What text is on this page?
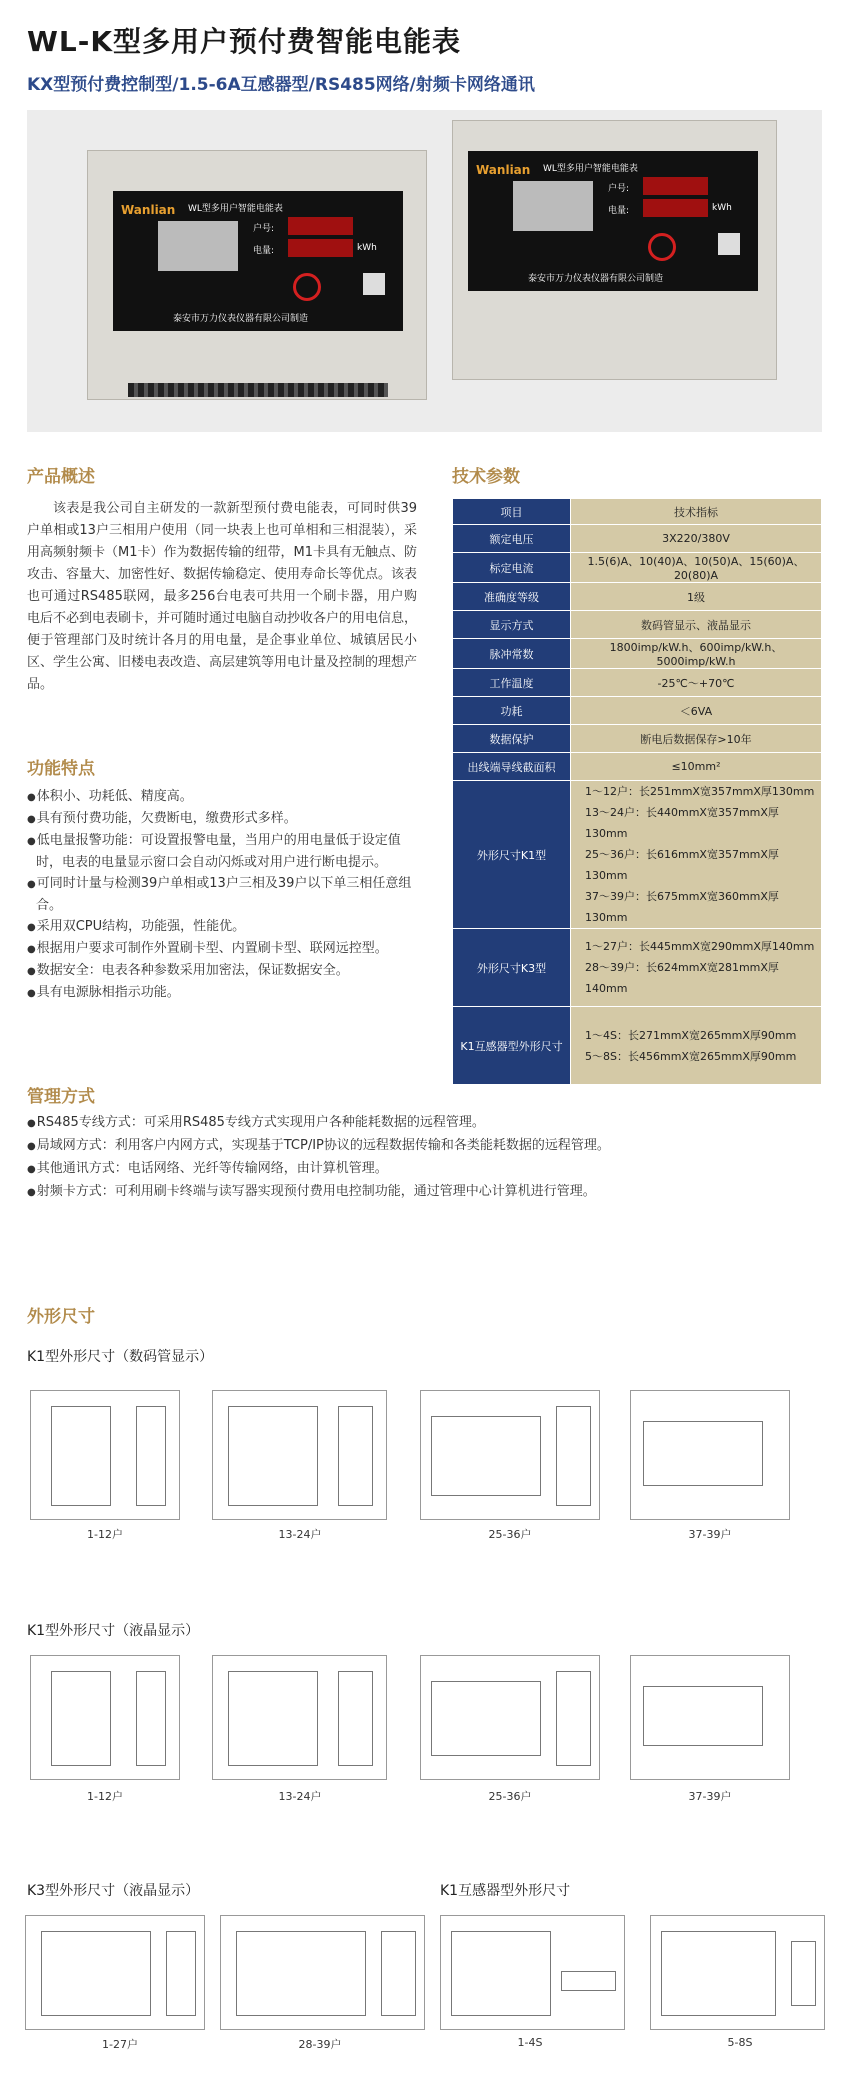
WL-K型多用户预付费智能电能表
KX型预付费控制型/1.5-6A互感器型/RS485网络/射频卡网络通讯
Wanlian WL型多用户智能电能表
户号:
电量:	kWh
泰安市万力仪表仪器有限公司制造
Wanlian WL型多用户智能电能表
户号:
电量:	kWh
泰安市万力仪表仪器有限公司制造
产品概述
该表是我公司自主研发的一款新型预付费电能表，可同时供39户单相或13户三相用户使用（同一块表上也可单相和三相混装），采用高频射频卡（M1卡）作为数据传输的纽带，M1卡具有无触点、防攻击、容量大、加密性好、数据传输稳定、使用寿命长等优点。该表也可通过RS485联网，最多256台电表可共用一个刷卡器，用户购电后不必到电表刷卡，并可随时通过电脑自动抄收各户的用电信息，便于管理部门及时统计各月的用电量，是企事业单位、城镇居民小区、学生公寓、旧楼电表改造、高层建筑等用电计量及控制的理想产品。
技术参数
项目	技术指标
额定电压	3X220/380V
标定电流	1.5(6)A、10(40)A、10(50)A、15(60)A、20(80)A
准确度等级	1级
显示方式	数码管显示、液晶显示
脉冲常数	1800imp/kW.h、600imp/kW.h、5000imp/kW.h
工作温度	-25℃～+70℃
功耗	＜6VA
数据保护	断电后数据保存>10年
出线端导线截面积	≤10mm²
外形尺寸K1型	1～12户：长251mmX宽357mmX厚130mm
13～24户：长440mmX宽357mmX厚130mm
25～36户：长616mmX宽357mmX厚130mm
37～39户：长675mmX宽360mmX厚130mm

外形尺寸K3型	1～27户：长445mmX宽290mmX厚140mm
28～39户：长624mmX宽281mmX厚140mm

K1互感器型外形尺寸	1～4S：长271mmX宽265mmX厚90mm
5～8S：长456mmX宽265mmX厚90mm
功能特点
● 体积小、功耗低、精度高。
● 具有预付费功能，欠费断电，缴费形式多样。
● 低电量报警功能：可设置报警电量，当用户的用电量低于设定值时，电表的电量显示窗口会自动闪烁或对用户进行断电提示。
● 可同时计量与检测39户单相或13户三相及39户以下单三相任意组合。
● 采用双CPU结构，功能强，性能优。
● 根据用户要求可制作外置刷卡型、内置刷卡型、联网远控型。
● 数据安全：电表各种参数采用加密法，保证数据安全。
● 具有电源脉相指示功能。
管理方式
● RS485专线方式：可采用RS485专线方式实现用户各种能耗数据的远程管理。
● 局域网方式：利用客户内网方式，实现基于TCP/IP协议的远程数据传输和各类能耗数据的远程管理。
● 其他通讯方式：电话网络、光纤等传输网络，由计算机管理。
● 射频卡方式：可利用刷卡终端与读写器实现预付费用电控制功能，通过管理中心计算机进行管理。
外形尺寸
K1型外形尺寸（数码管显示）
1-12户	13-24户	25-36户	37-39户
K1型外形尺寸（液晶显示）
1-12户	13-24户	25-36户	37-39户
K3型外形尺寸（液晶显示）	K1互感器型外形尺寸
1-27户	28-39户	1-4S	5-8S
